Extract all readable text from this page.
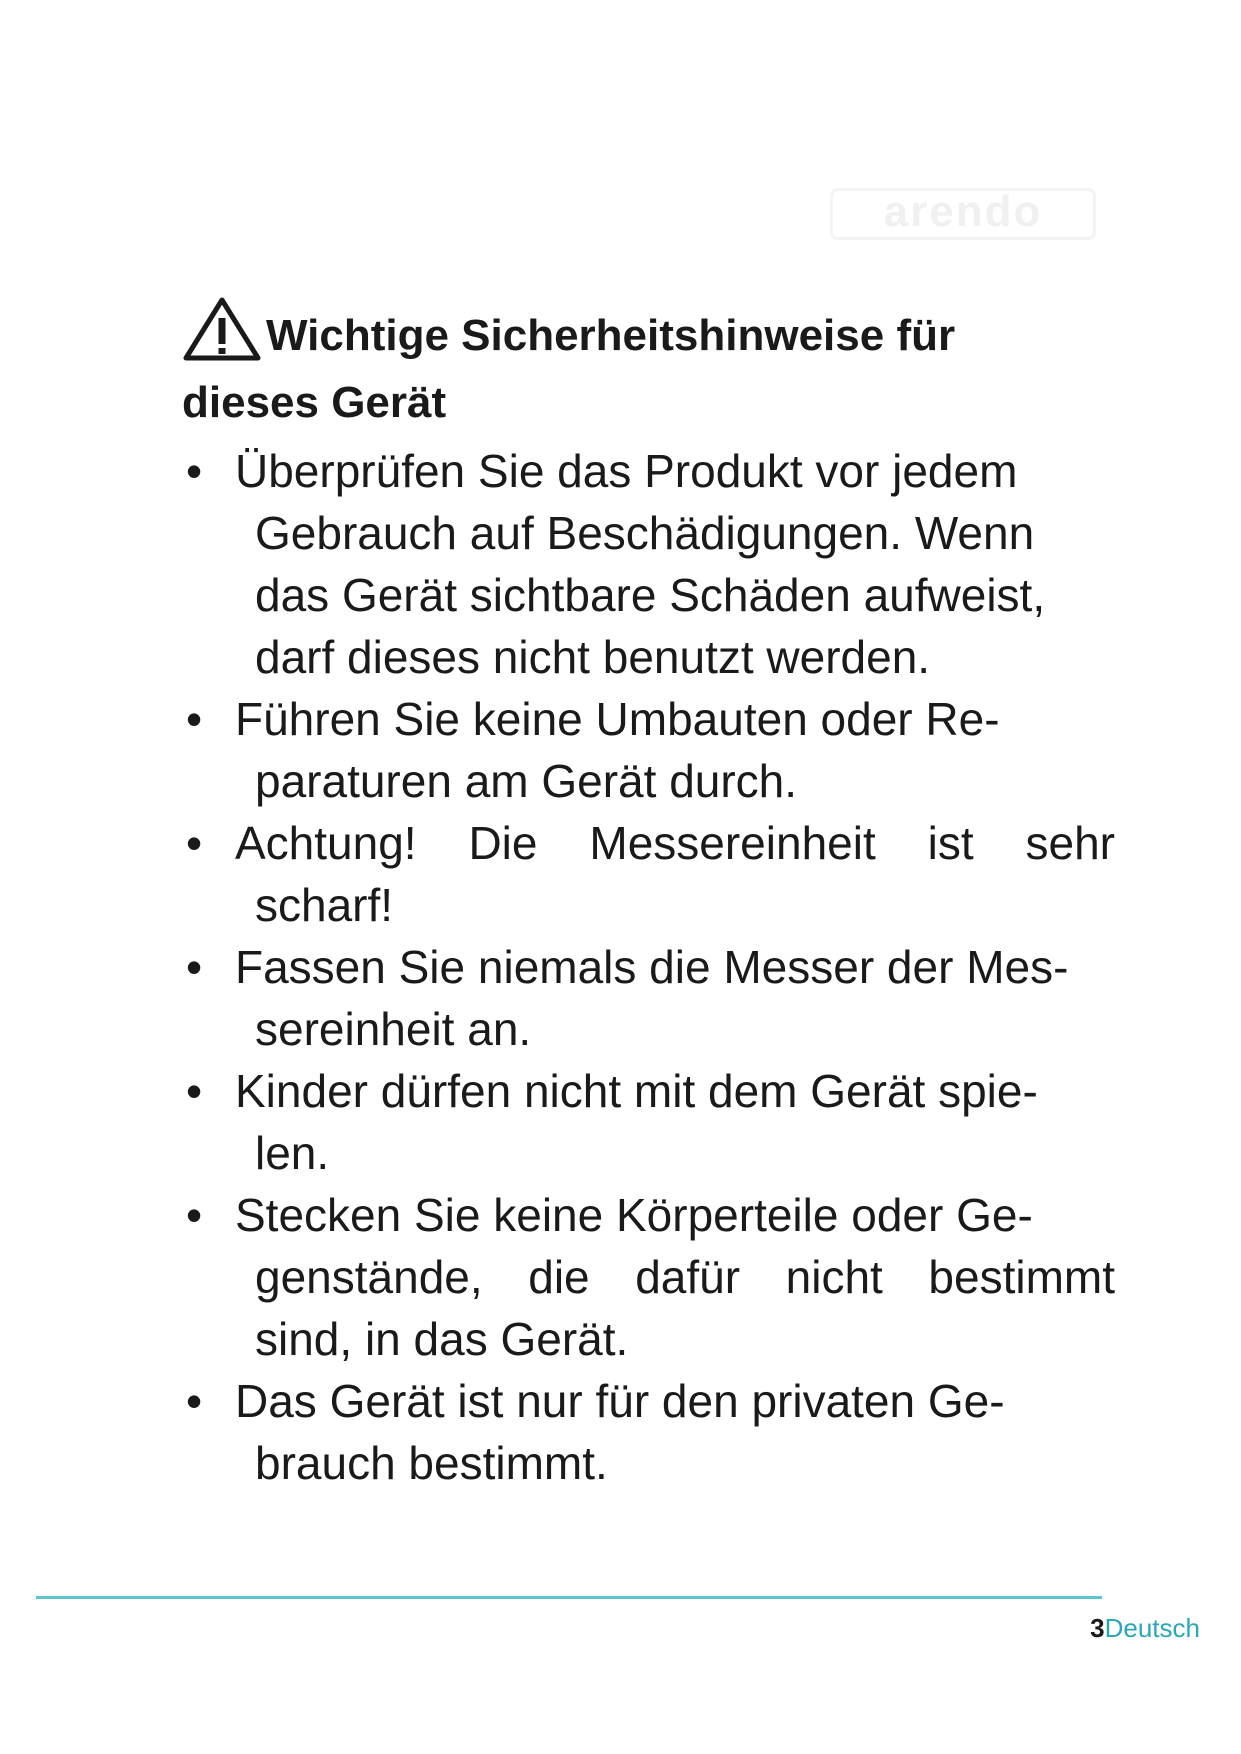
arendo
Wichtige Sicherheitshinweise für
dieses Gerät
• Überprüfen Sie das Produkt vor jedem
Gebrauch auf Beschädigungen. Wenn
das Gerät sichtbare Schäden aufweist,
darf dieses nicht benutzt werden.
• Führen Sie keine Umbauten oder Re-
paraturen am Gerät durch.
• Achtung! Die Messereinheit ist sehr
scharf!
• Fassen Sie niemals die Messer der Mes-
sereinheit an.
• Kinder dürfen nicht mit dem Gerät spie-
len.
• Stecken Sie keine Körperteile oder Ge-
genstände, die dafür nicht bestimmt
sind, in das Gerät.
• Das Gerät ist nur für den privaten Ge-
brauch bestimmt.
3Deutsch
